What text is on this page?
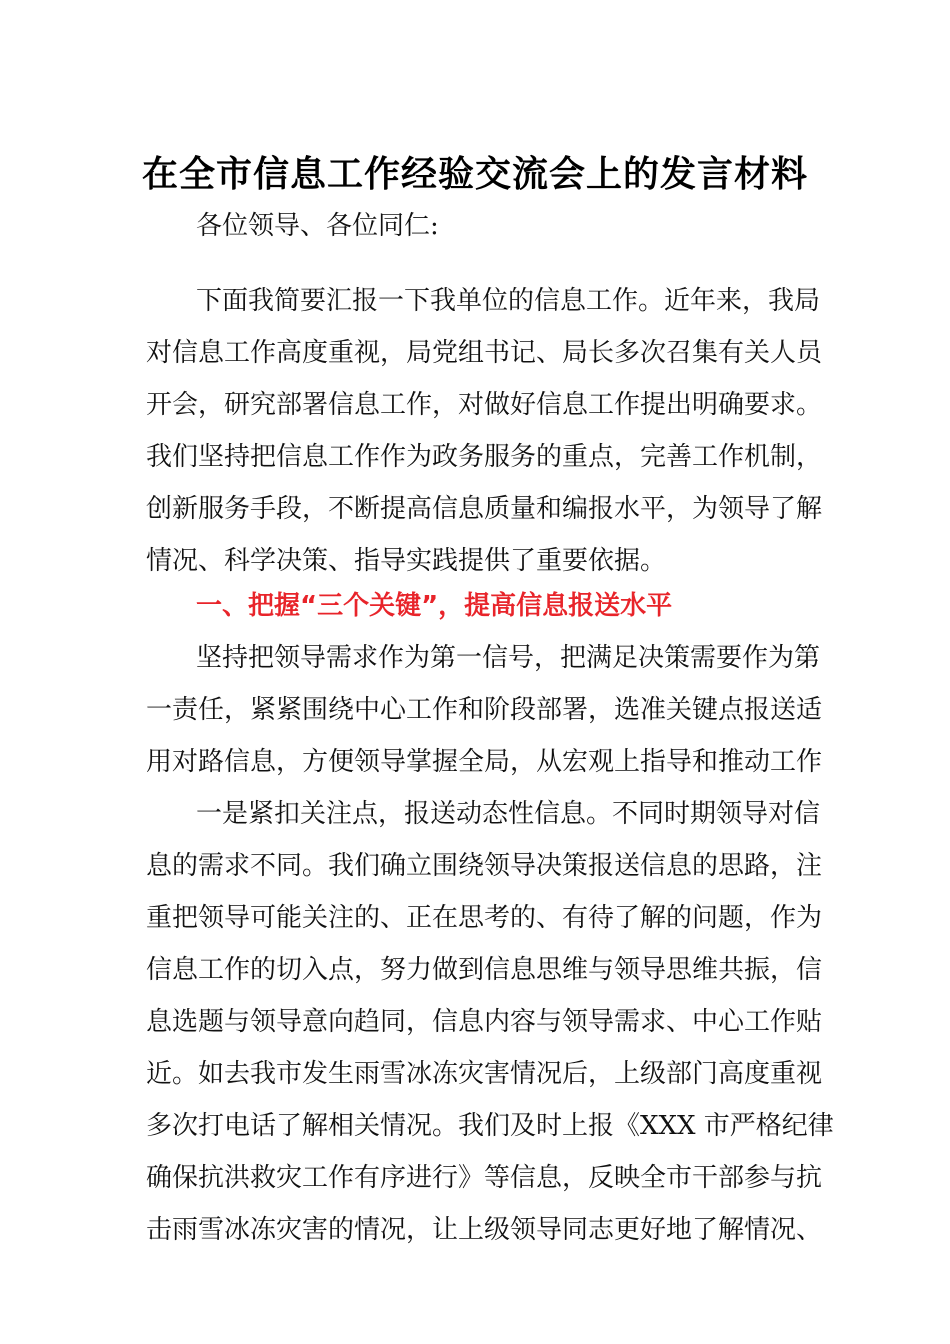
在全市信息工作经验交流会上的发言材料
各位领导、各位同仁:
下面我简要汇报一下我单位的信息工作。近年来，我局
对信息工作高度重视，局党组书记、局长多次召集有关人员
开会，研究部署信息工作，对做好信息工作提出明确要求。
我们坚持把信息工作作为政务服务的重点，完善工作机制，
创新服务手段，不断提高信息质量和编报水平，为领导了解
情况、科学决策、指导实践提供了重要依据。
一、把握“三个关键”，提高信息报送水平
坚持把领导需求作为第一信号，把满足决策需要作为第
一责任，紧紧围绕中心工作和阶段部署，选准关键点报送适
用对路信息，方便领导掌握全局，从宏观上指导和推动工作
一是紧扣关注点，报送动态性信息。不同时期领导对信
息的需求不同。我们确立围绕领导决策报送信息的思路，注
重把领导可能关注的、正在思考的、有待了解的问题，作为
信息工作的切入点，努力做到信息思维与领导思维共振，信
息选题与领导意向趋同，信息内容与领导需求、中心工作贴
近。如去我市发生雨雪冰冻灾害情况后，上级部门高度重视
多次打电话了解相关情况。我们及时上报《XXX 市严格纪律
确保抗洪救灾工作有序进行》等信息，反映全市干部参与抗
击雨雪冰冻灾害的情况，让上级领导同志更好地了解情况、
